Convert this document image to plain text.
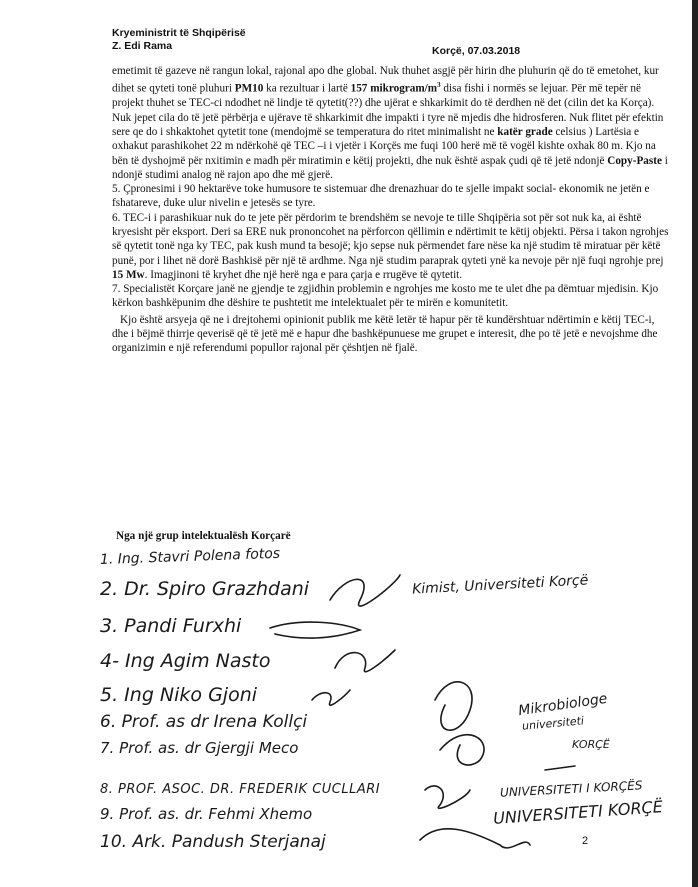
Kryeministrit të Shqipërisë
Z. Edi Rama	Korçë, 07.03.2018

emetimit të gazeve në rangun lokal, rajonal apo dhe global. Nuk thuhet asgjë për hirin dhe pluhurin që do të emetohet, kur dihet se qyteti tonë pluhuri PM10 ka rezultuar i lartë 157 mikrogram/$m^3$ disa fishi i normës se lejuar. Për më tepër në projekt thuhet se TEC-ci ndodhet në lindje të qytetit(??) dhe ujërat e shkarkimit do të derdhen në det (cilin det ka Korça). Nuk jepet cila do të jetë përbërja e ujërave të shkarkimit dhe impakti i tyre në mjedis dhe hidrosferen. Nuk flitet për efektin sere qe do i shkaktohet qytetit tone (mendojmë se temperatura do ritet minimalisht ne katër grade celsius ) Lartësia e oxhakut parashikohet 22 m ndërkohë që TEC –i i vjetër i Korçës me fuqi 100 herë më të vogël kishte oxhak 80 m. Kjo na bën të dyshojmë për nxitimin e madh për miratimin e këtij projekti, dhe nuk është aspak çudi që të jetë ndonjë Copy-Paste i ndonjë studimi analog në rajon apo dhe më gjerë.

5. Çpronesimi i 90 hektarëve toke humusore te sistemuar dhe drenazhuar do te sjelle impakt social- ekonomik ne jetën e fshatareve, duke ulur nivelin e jetesës se tyre.

6. TEC-i i parashikuar nuk do te jete për përdorim te brendshëm se nevoje te tille Shqipëria sot për sot nuk ka, ai është kryesisht për eksport. Deri sa ERE nuk prononcohet na përforcon qëllimin e ndërtimit te këtij objekti. Përsa i takon ngrohjes së qytetit tonë nga ky TEC, pak kush mund ta besojë; kjo sepse nuk përmendet fare nëse ka një studim të miratuar për këtë punë, por i lihet në dorë Bashkisë për një të ardhme. Nga një studim paraprak qyteti ynë ka nevoje për një fuqi ngrohje prej 15 Mw. Imagjinoni të kryhet dhe një herë nga e para çarja e rrugëve të qytetit.

7. Specialistët Korçare janë ne gjendje te zgjidhin problemin e ngrohjes me kosto me te ulet dhe pa dëmtuar mjedisin. Kjo kërkon bashkëpunim dhe dëshire te pushtetit me intelektualet për te mirën e komunitetit.

Kjo është arsyeja që ne i drejtohemi opinionit publik me këtë letër të hapur për të kundërshtuar ndërtimin e këtij TEC-i, dhe i bëjmë thirrje qeverisë që të jetë më e hapur dhe bashkëpunuese me grupet e interesit, dhe po të jetë e nevojshme dhe organizimin e një referendumi popullor rajonal për çështjen në fjalë.

Nga një grup intelektualësh Korçarë
1. Ing. Stavri Polena fotos
2. Dr. Spiro Grazhdani
3. Pandi Furxhi
4- Ing Agim Nasto
5. Ing Niko Gjoni
6. Prof. as dr Irena Kollçi
7. Prof. as. dr Gjergji Meco
8. PROF. ASOC. DR. FREDERIK CUCLLARI
9. Prof. as. dr. Fehmi Xhemo
10. Ark. Pandush Sterjanaj
Kimist, Universiteti Korçë
Mikrobiologe
universiteti
KORÇË
UNIVERSITETI I KORÇËS
UNIVERSITETI KORÇË
2
